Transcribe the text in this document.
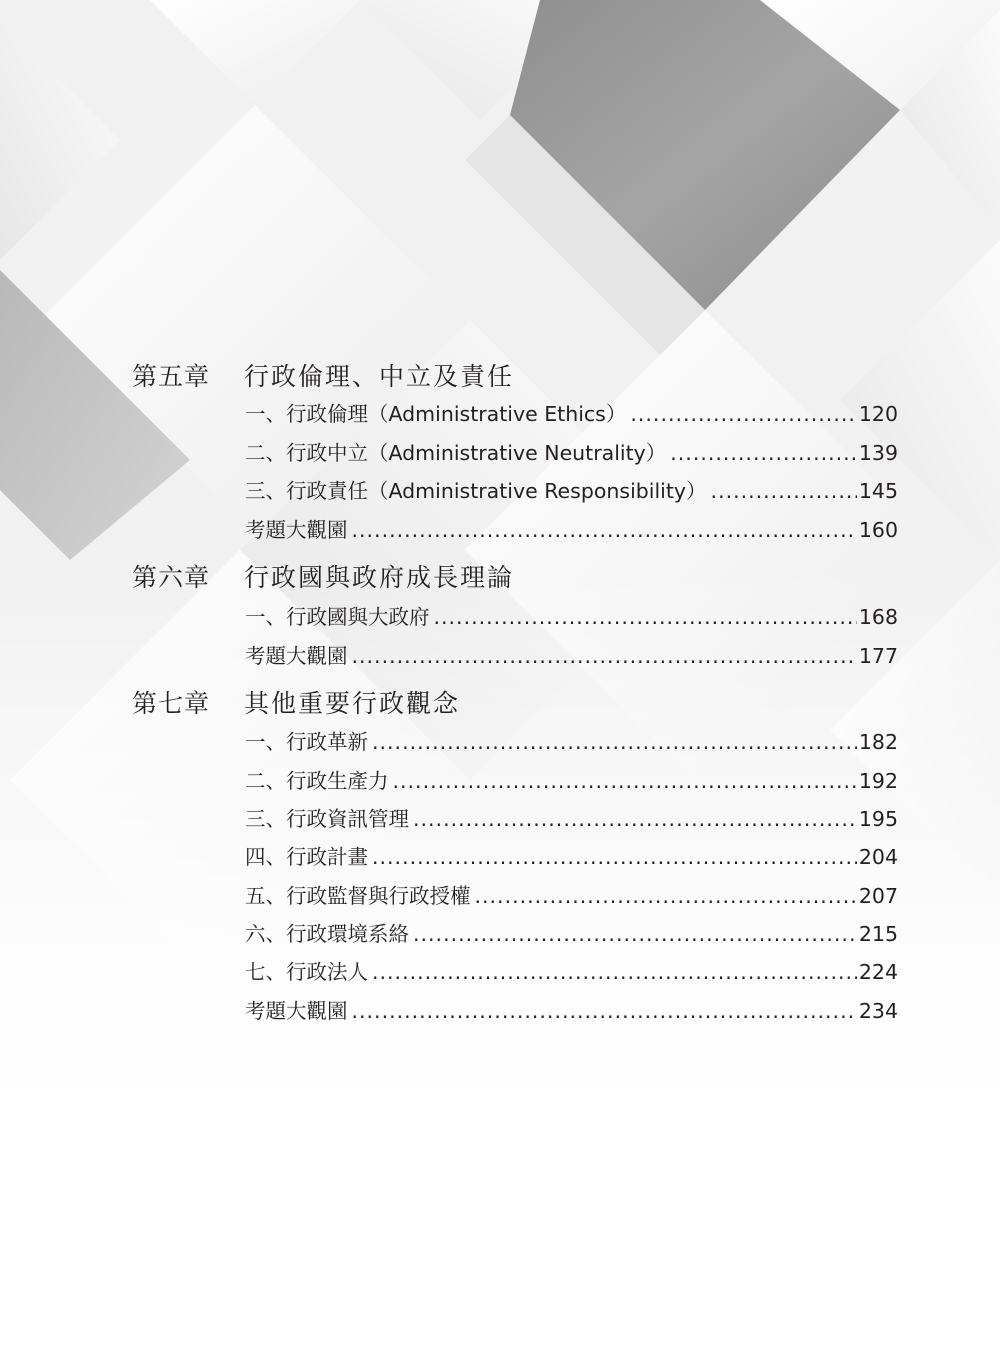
第五章	行政倫理、中立及責任
一、行政倫理（Administrative Ethics） .....	120
二、行政中立（Administrative Neutrality） .....	139
三、行政責任（Administrative Responsibility） .....	145
考題大觀園 .....	160
第六章	行政國與政府成長理論
一、行政國與大政府 .....	168
考題大觀園 .....	177
第七章	其他重要行政觀念
一、行政革新 .....	182
二、行政生產力 .....	192
三、行政資訊管理 .....	195
四、行政計畫 .....	204
五、行政監督與行政授權 .....	207
六、行政環境系絡 .....	215
七、行政法人 .....	224
考題大觀園 .....	234
